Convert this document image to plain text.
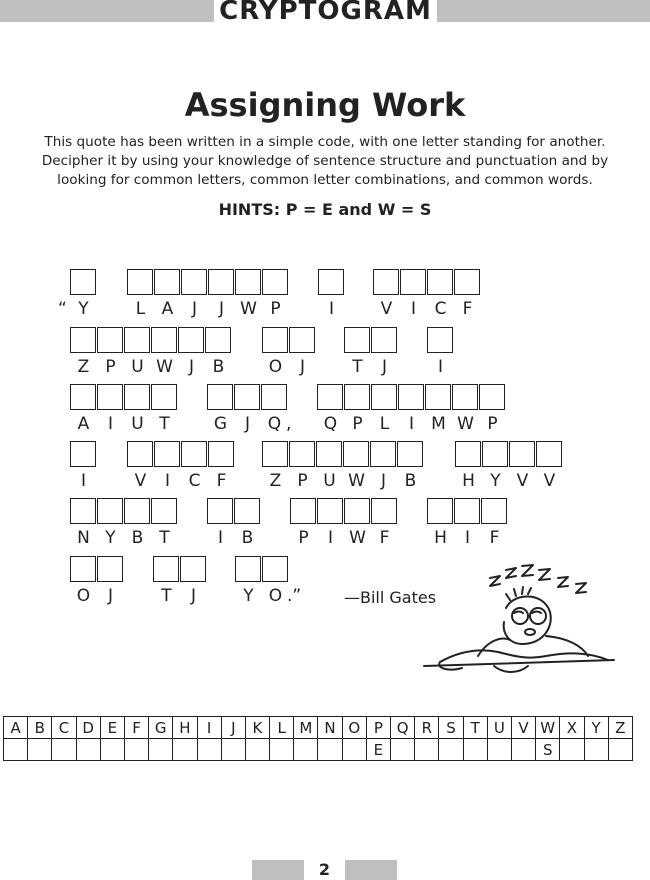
CRYPTOGRAM
Assigning Work

This quote has been written in a simple code, with one letter standing for another. Decipher it by using your knowledge of sentence structure and punctuation and by looking for common letters, common letter combinations, and common words.

HINTS: P = E and W = S
Y	L A	J	J W P	I	V	I	C F
“
Z P U W J	B	O	J	T	J	I
A	I	U T	G	J	Q ,	Q P	L	I	M W P
I	V	I	C F	Z P U W J	B	H Y V V
N Y B T	I	B	P	I W F	H	I	F
O	J	T	J	Y O .”	—Bill Gates
A	B	C	D	E	F	G	H	I	J	K	L	M	N	O	P	Q	R	S	T	U	V	W	X	Y	Z
															E							S			
2
